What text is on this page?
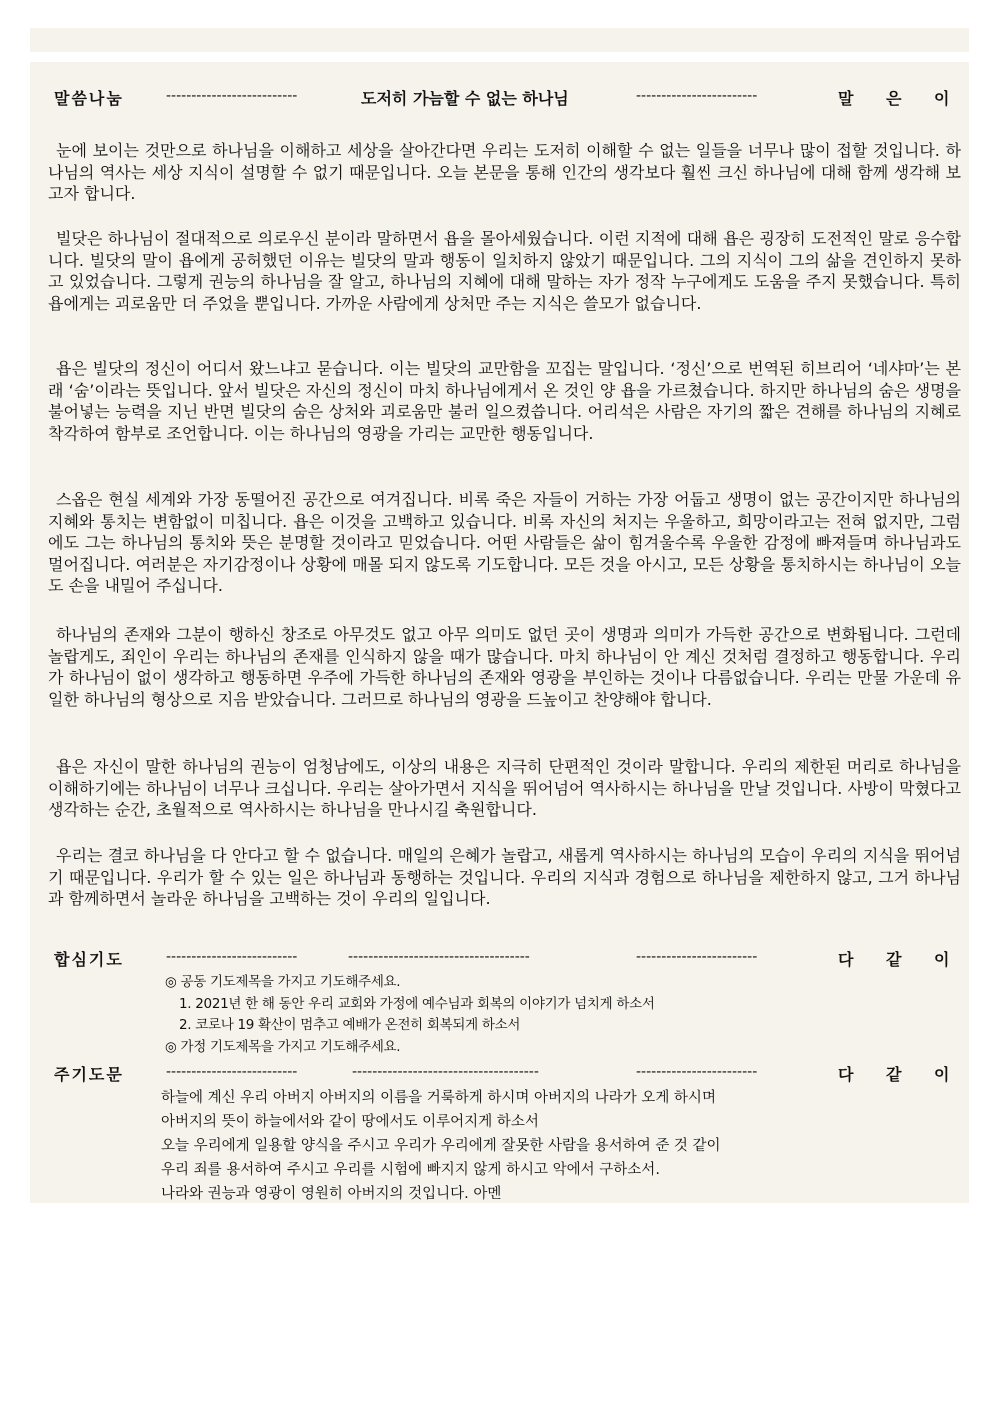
말씀나눔	--------------------------	도저히 가늠할 수 없는 하나님	------------------------	말 은 이

눈에 보이는 것만으로 하나님을 이해하고 세상을 살아간다면 우리는 도저히 이해할 수 없는 일들을 너무나 많이 접할 것입니다. 하나님의 역사는 세상 지식이 설명할 수 없기 때문입니다. 오늘 본문을 통해 인간의 생각보다 훨씬 크신 하나님에 대해 함께 생각해 보고자 합니다.

빌닷은 하나님이 절대적으로 의로우신 분이라 말하면서 욥을 몰아세웠습니다. 이런 지적에 대해 욥은 굉장히 도전적인 말로 응수합니다. 빌닷의 말이 욥에게 공허했던 이유는 빌닷의 말과 행동이 일치하지 않았기 때문입니다. 그의 지식이 그의 삶을 견인하지 못하고 있었습니다. 그렇게 권능의 하나님을 잘 알고, 하나님의 지혜에 대해 말하는 자가 정작 누구에게도 도움을 주지 못했습니다. 특히 욥에게는 괴로움만 더 주었을 뿐입니다. 가까운 사람에게 상처만 주는 지식은 쓸모가 없습니다.

욥은 빌닷의 정신이 어디서 왔느냐고 묻습니다. 이는 빌닷의 교만함을 꼬집는 말입니다. ‘정신’으로 번역된 히브리어 ‘네샤마’는 본래 ‘숨’이라는 뜻입니다. 앞서 빌닷은 자신의 정신이 마치 하나님에게서 온 것인 양 욥을 가르쳤습니다. 하지만 하나님의 숨은 생명을 불어넣는 능력을 지닌 반면 빌닷의 숨은 상처와 괴로움만 불러 일으켰씁니다. 어리석은 사람은 자기의 짧은 견해를 하나님의 지혜로 착각하여 함부로 조언합니다. 이는 하나님의 영광을 가리는 교만한 행동입니다.

스옵은 현실 세계와 가장 동떨어진 공간으로 여겨집니다. 비록 죽은 자들이 거하는 가장 어둡고 생명이 없는 공간이지만 하나님의 지혜와 통치는 변함없이 미칩니다. 욥은 이것을 고백하고 있습니다. 비록 자신의 처지는 우울하고, 희망이라고는 전혀 없지만, 그럼에도 그는 하나님의 통치와 뜻은 분명할 것이라고 믿었습니다. 어떤 사람들은 삶이 힘겨울수록 우울한 감정에 빠져들며 하나님과도 멀어집니다. 여러분은 자기감정이나 상황에 매몰 되지 않도록 기도합니다. 모든 것을 아시고, 모든 상황을 통치하시는 하나님이 오늘도 손을 내밀어 주십니다.

하나님의 존재와 그분이 행하신 창조로 아무것도 없고 아무 의미도 없던 곳이 생명과 의미가 가득한 공간으로 변화됩니다. 그런데 놀랍게도, 죄인이 우리는 하나님의 존재를 인식하지 않을 때가 많습니다. 마치 하나님이 안 계신 것처럼 결정하고 행동합니다. 우리가 하나님이 없이 생각하고 행동하면 우주에 가득한 하나님의 존재와 영광을 부인하는 것이나 다름없습니다. 우리는 만물 가운데 유일한 하나님의 형상으로 지음 받았습니다. 그러므로 하나님의 영광을 드높이고 찬양해야 합니다.

욥은 자신이 말한 하나님의 권능이 엄청남에도, 이상의 내용은 지극히 단편적인 것이라 말합니다. 우리의 제한된 머리로 하나님을 이해하기에는 하나님이 너무나 크십니다. 우리는 살아가면서 지식을 뛰어넘어 역사하시는 하나님을 만날 것입니다. 사방이 막혔다고 생각하는 순간, 초월적으로 역사하시는 하나님을 만나시길 축원합니다.

우리는 결코 하나님을 다 안다고 할 수 없습니다. 매일의 은혜가 놀랍고, 새롭게 역사하시는 하나님의 모습이 우리의 지식을 뛰어넘기 때문입니다. 우리가 할 수 있는 일은 하나님과 동행하는 것입니다. 우리의 지식과 경험으로 하나님을 제한하지 않고, 그거 하나님과 함께하면서 놀라운 하나님을 고백하는 것이 우리의 일입니다.

합심기도	--------------------------	------------------------------------	------------------------	다 같 이
◎ 공동 기도제목을 가지고 기도해주세요.
1. 2021년 한 해 동안 우리 교회와 가정에 예수님과 회복의 이야기가 넘치게 하소서
2. 코로나 19 확산이 멈추고 예배가 온전히 회복되게 하소서
◎ 가정 기도제목을 가지고 기도해주세요.
주기도문	--------------------------	-------------------------------------	------------------------	다 같 이
하늘에 계신 우리 아버지 아버지의 이름을 거룩하게 하시며 아버지의 나라가 오게 하시며
아버지의 뜻이 하늘에서와 같이 땅에서도 이루어지게 하소서
오늘 우리에게 일용할 양식을 주시고 우리가 우리에게 잘못한 사람을 용서하여 준 것 같이
우리 죄를 용서하여 주시고 우리를 시험에 빠지지 않게 하시고 악에서 구하소서.
나라와 권능과 영광이 영원히 아버지의 것입니다. 아멘
